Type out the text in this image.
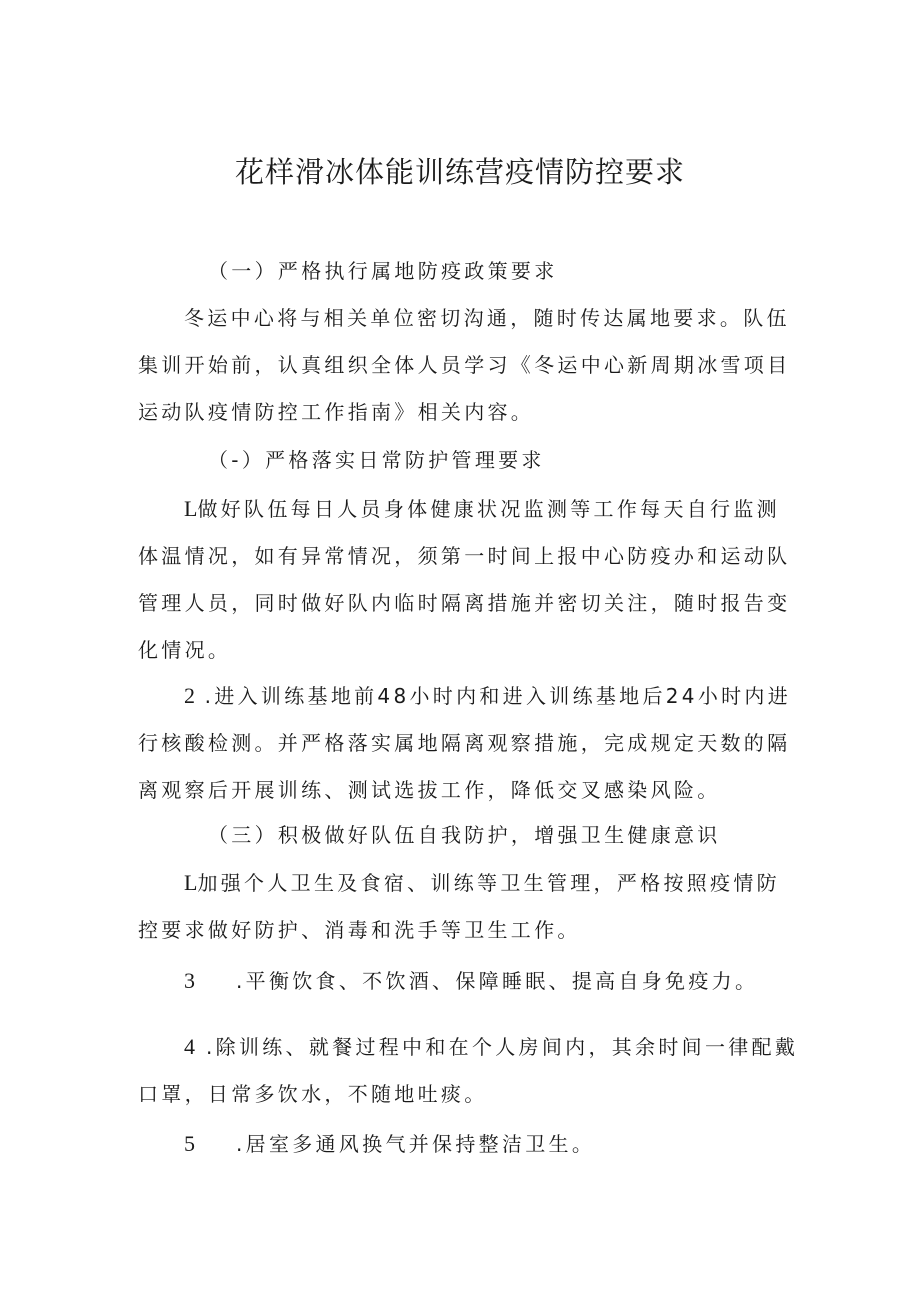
花样滑冰体能训练营疫情防控要求
（一）严格执行属地防疫政策要求
冬运中心将与相关单位密切沟通，随时传达属地要求。队伍
集训开始前，认真组织全体人员学习《冬运中心新周期冰雪项目
运动队疫情防控工作指南》相关内容。
（-）严格落实日常防护管理要求
L做好队伍每日人员身体健康状况监测等工作每天自行监测
体温情况，如有异常情况，须第一时间上报中心防疫办和运动队
管理人员，同时做好队内临时隔离措施并密切关注，随时报告变
化情况。
2 .进入训练基地前48小时内和进入训练基地后24小时内进
行核酸检测。并严格落实属地隔离观察措施，完成规定天数的隔
离观察后开展训练、测试选拔工作，降低交叉感染风险。
（三）积极做好队伍自我防护，增强卫生健康意识
L加强个人卫生及食宿、训练等卫生管理，严格按照疫情防
控要求做好防护、消毒和洗手等卫生工作。
3 .平衡饮食、不饮酒、保障睡眠、提高自身免疫力。
4 .除训练、就餐过程中和在个人房间内，其余时间一律配戴
口罩，日常多饮水，不随地吐痰。
5 .居室多通风换气并保持整洁卫生。
